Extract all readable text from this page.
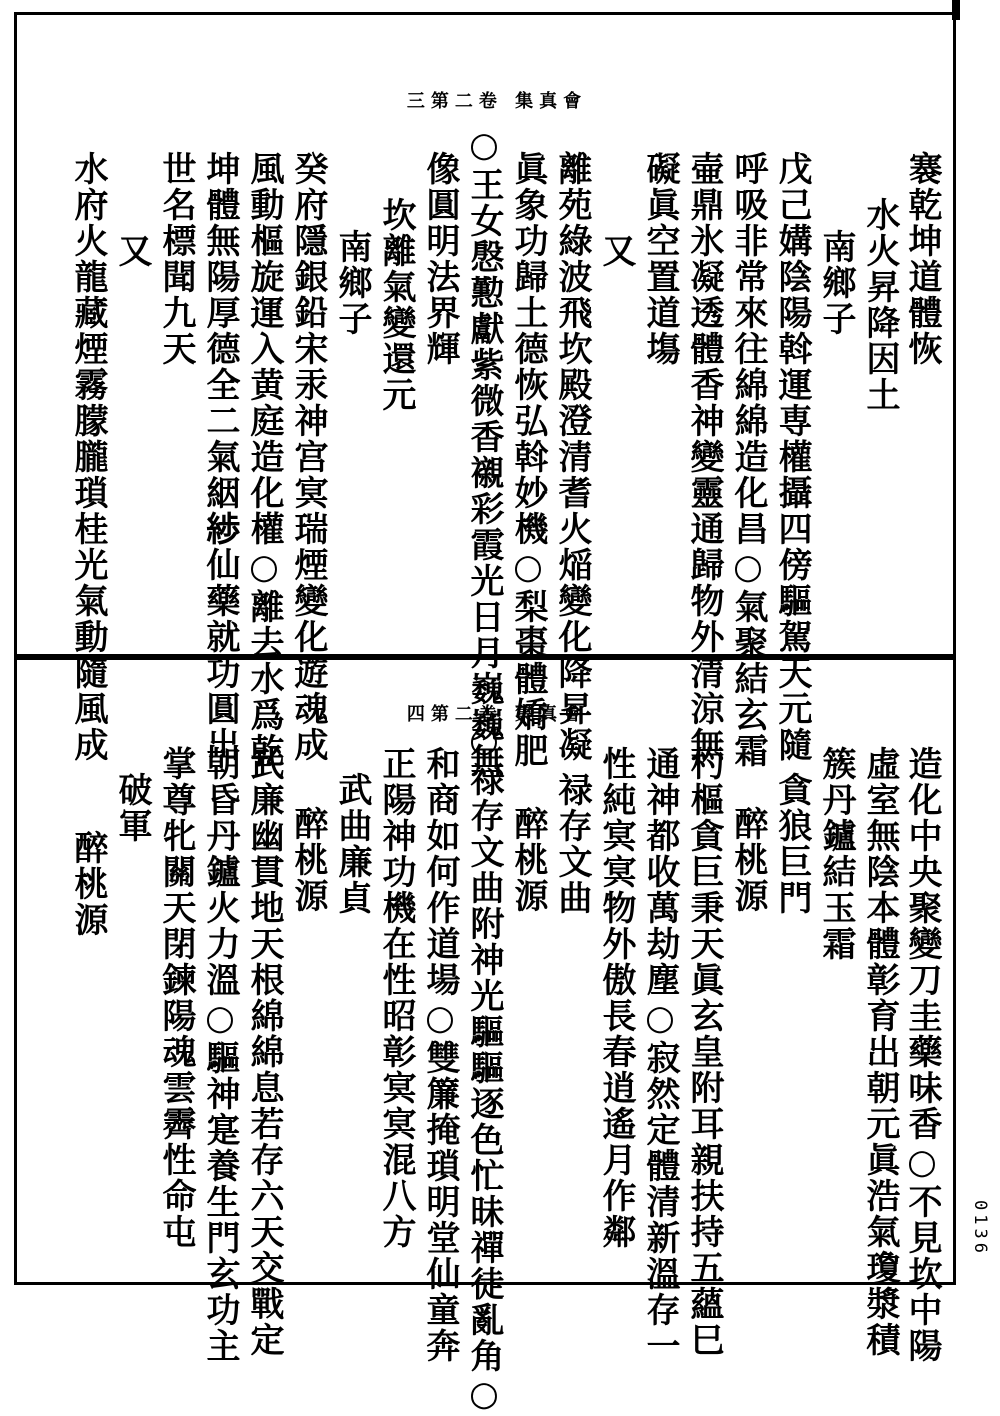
三第二卷 集真會
褰乾坤道體恢
水火昇降因土
南鄉子
戊己媾陰陽斡運専權攝四傍驅駕天元隨
呼吸非常來往綿綿造化昌○氣聚結玄霜
壷鼎氷凝透體香神變靈通歸物外清涼無
礙眞空置道塲
又
離苑綠波飛坎殿澄清耆火㷔變化降昇凝
眞象功歸土德恢弘斡妙機○梨棗體嬌肥
○王女慇懃獻紫微香襯彩霞光日月巍巍無
像圓明法界輝
坎離氣變還元
南鄉子
癸府隱銀鉛宋汞神宫㝠瑞煙變化遊魂成
風動樞旋運入黄庭造化權○離去水爲乾
坤體無陽厚德全二氣絪𦁗仙藥就功圓出
世名標聞九天
又
水府火龍藏煙霧朦朧瑣桂光氣動隨風成	四第二卷 集真會
造化中央聚變刀圭藥味香○不見坎中陽
虛室無陰本體彰育出朝元眞浩氣瓊漿積
簇丹鑪結玉霜
貪狼巨門
醉桃源
杓樞貪巨秉天眞玄皇附耳親扶持五蘊巳
通神都收萬劫塵○寂然定體清新溫存一
性純㝠㝠物外傲長春逍遙月作鄰
禄存文曲
醉桃源
○禄存文曲附神光驅驅逐色忙昧禪徒亂角○
和商如何作道場○雙簾掩瑣明堂仙童奔
正陽神功機在性昭彰㝠㝠混八方
武曲廉貞
醉桃源
武廉幽貫地天根綿綿息若存六天交戰定
朝昏丹鑪火力溫○驅神寔養生門玄功主
掌尊牝關天閉鍊陽魂雲霽性命屯
破軍
醉桃源
0136
